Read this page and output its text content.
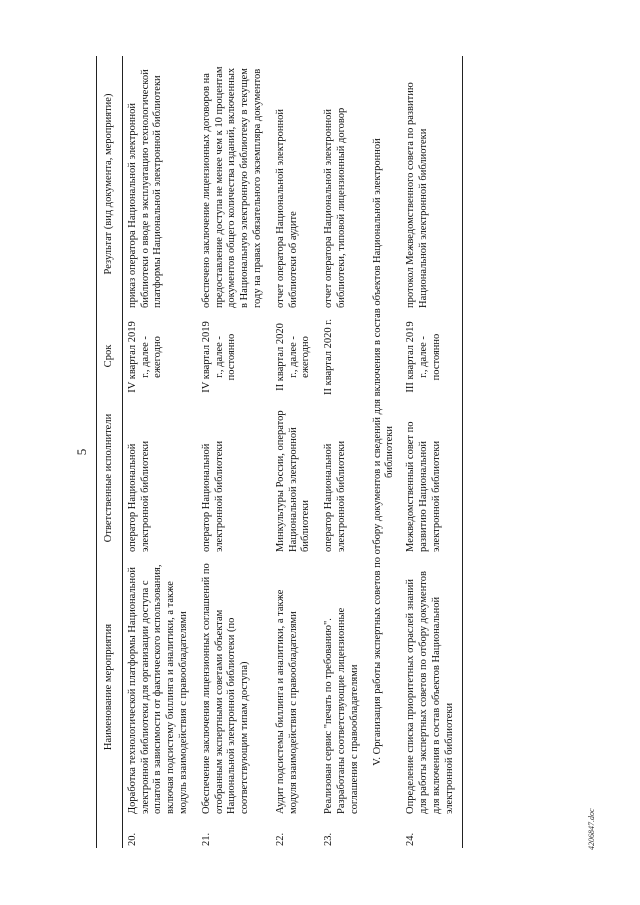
5
	Наименование мероприятия	Ответственные исполнители	Срок	Результат (вид документа, мероприятие)
20.	Доработка технологической платформы Национальной электронной библиотеки для организации доступа с оплатой в зависимости от фактического использования, включая подсистему биллинга и аналитики, а также модуль взаимодействия с правообладателями	оператор Национальной электронной библиотеки	IV квартал 2019 г., далее - ежегодно	приказ оператора Национальной электронной библиотеки о вводе в эксплуатацию технологической платформы Национальной электронной библиотеки
21.	Обеспечение заключения лицензионных соглашений по отобранным экспертными советами объектам Национальной электронной библиотеки (по соответствующим типам доступа)	оператор Национальной электронной библиотеки	IV квартал 2019 г., далее - постоянно	обеспечено заключение лицензионных договоров на предоставление доступа не менее чем к 10 процентам документов общего количества изданий, включенных в Национальную электронную библиотеку в текущем году на правах обязательного экземпляра документов
22.	Аудит подсистемы биллинга и аналитики, а также модуля взаимодействия с правообладателями	Минкультуры России, оператор Национальной электронной библиотеки	II квартал 2020 г., далее - ежегодно	отчет оператора Национальной электронной библиотеки об аудите
23.	Реализован сервис "печать по требованию". Разработаны соответствующие лицензионные соглашения с правообладателями	оператор Национальной электронной библиотеки	II квартал 2020 г.	отчет оператора Национальной электронной библиотеки, типовой лицензионный договор
V. Организация работы экспертных советов по отбору документов и сведений для включения в состав объектов Национальной электронной библиотеки				
24.	Определение списка приоритетных отраслей знаний для работы экспертных советов по отбору документов для включения в состав объектов Национальной электронной библиотеки	Межведомственный совет по развитию Национальной электронной библиотеки	III квартал 2019 г., далее - постоянно	протокол Межведомственного совета по развитию Национальной электронной библиотеки
4206847.doc
